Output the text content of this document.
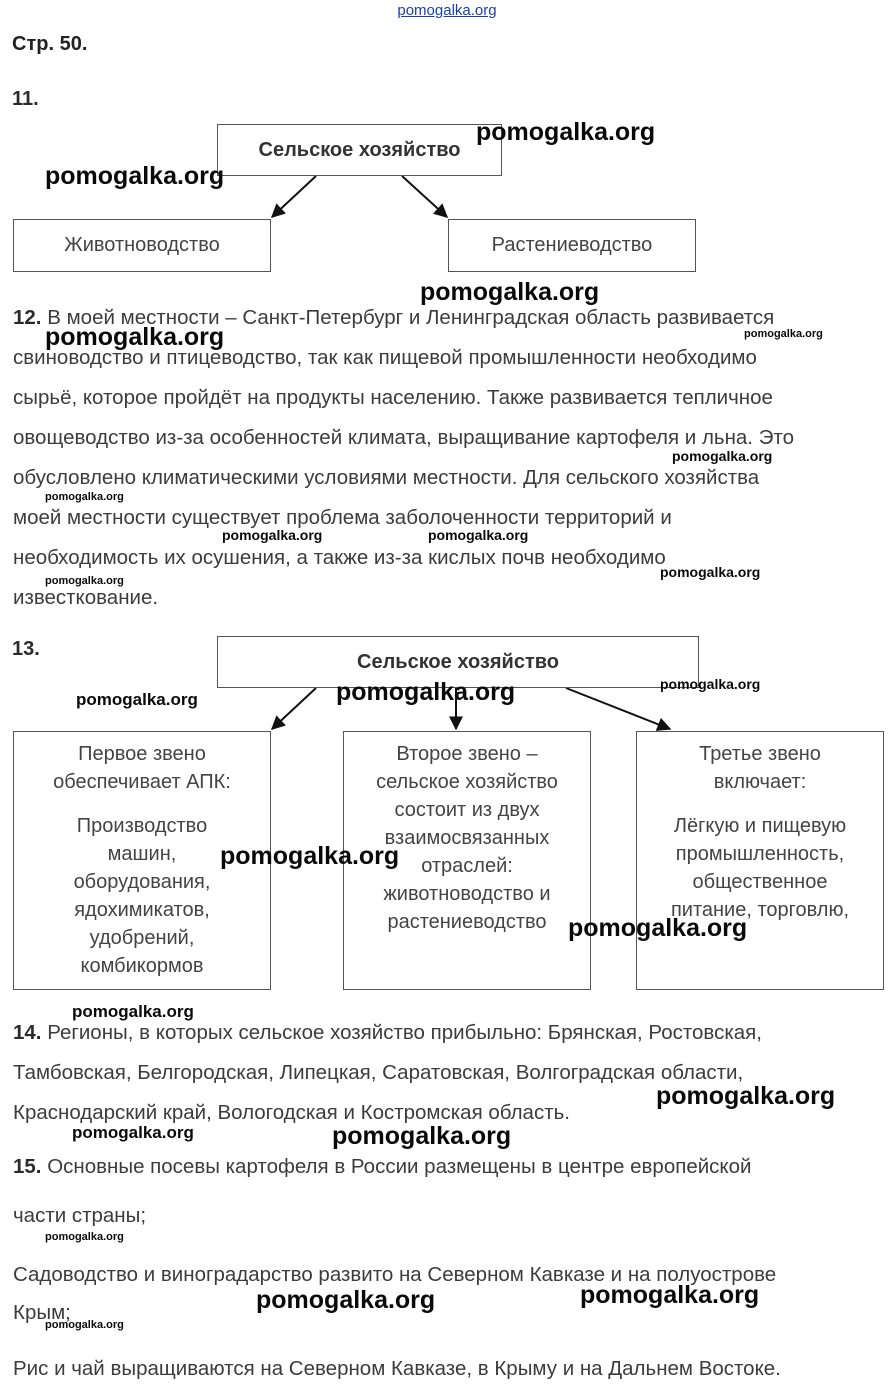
pomogalka.org
Стр. 50.
11.
Сельское хозяйство
Животноводство	Растениеводство
12. В моей местности – Санкт-Петербург и Ленинградская область развивается
свиноводство и птицеводство, так как пищевой промышленности необходимо
сырьё, которое пройдёт на продукты населению. Также развивается тепличное
овощеводство из-за особенностей климата, выращивание картофеля и льна. Это
обусловлено климатическими условиями местности. Для сельского хозяйства
моей местности существует проблема заболоченности территорий и
необходимость их осушения, а также из-за кислых почв необходимо
известкование.
13.
Сельское хозяйство
Первое звено
обеспечивает АПК:
Производство
машин,
оборудования,
ядохимикатов,
удобрений,
комбикормов
Второе звено –
сельское хозяйство
состоит из двух
взаимосвязанных
отраслей:
животноводство и
растениеводство
Третье звено
включает:
Лёгкую и пищевую
промышленность,
общественное
питание, торговлю,
14. Регионы, в которых сельское хозяйство прибыльно: Брянская, Ростовская,
Тамбовская, Белгородская, Липецкая, Саратовская, Волгоградская области,
Краснодарский край, Вологодская и Костромская область.
15. Основные посевы картофеля в России размещены в центре европейской
части страны;
Садоводство и виноградарство развито на Северном Кавказе и на полуострове
Крым;
Рис и чай выращиваются на Северном Кавказе, в Крыму и на Дальнем Востоке.
pomogalka.org
pomogalka.org
pomogalka.org
pomogalka.org	pomogalka.org
pomogalka.org
pomogalka.org
pomogalka.org	pomogalka.org
pomogalka.org
pomogalka.org
pomogalka.org
pomogalka.org
pomogalka.org
pomogalka.org
pomogalka.org
pomogalka.org
pomogalka.org
pomogalka.org	pomogalka.org
pomogalka.org
pomogalka.org
pomogalka.org
pomogalka.org
